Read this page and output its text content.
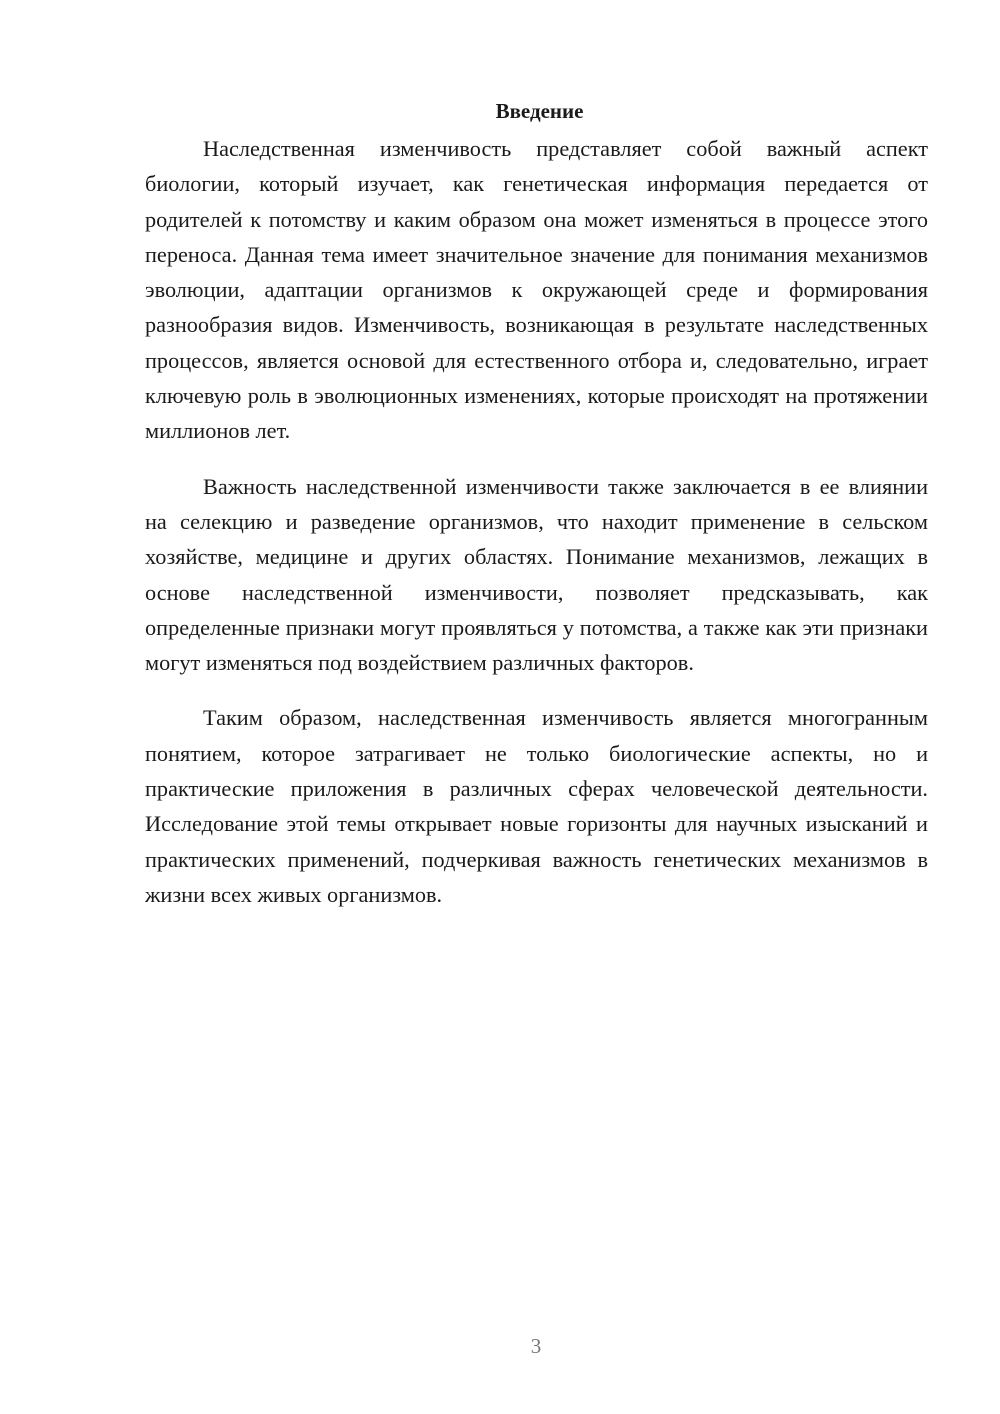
Введение

Наследственная изменчивость представляет собой важный аспект биологии, который изучает, как генетическая информация передается от родителей к потомству и каким образом она может изменяться в процессе этого переноса. Данная тема имеет значительное значение для понимания механизмов эволюции, адаптации организмов к окружающей среде и формирования разнообразия видов. Изменчивость, возникающая в результате наследственных процессов, является основой для естественного отбора и, следовательно, играет ключевую роль в эволюционных изменениях, которые происходят на протяжении миллионов лет.

Важность наследственной изменчивости также заключается в ее влиянии на селекцию и разведение организмов, что находит применение в сельском хозяйстве, медицине и других областях. Понимание механизмов, лежащих в основе наследственной изменчивости, позволяет предсказывать, как определенные признаки могут проявляться у потомства, а также как эти признаки могут изменяться под воздействием различных факторов.

Таким образом, наследственная изменчивость является многогранным понятием, которое затрагивает не только биологические аспекты, но и практические приложения в различных сферах человеческой деятельности. Исследование этой темы открывает новые горизонты для научных изысканий и практических применений, подчеркивая важность генетических механизмов в жизни всех живых организмов.

3
